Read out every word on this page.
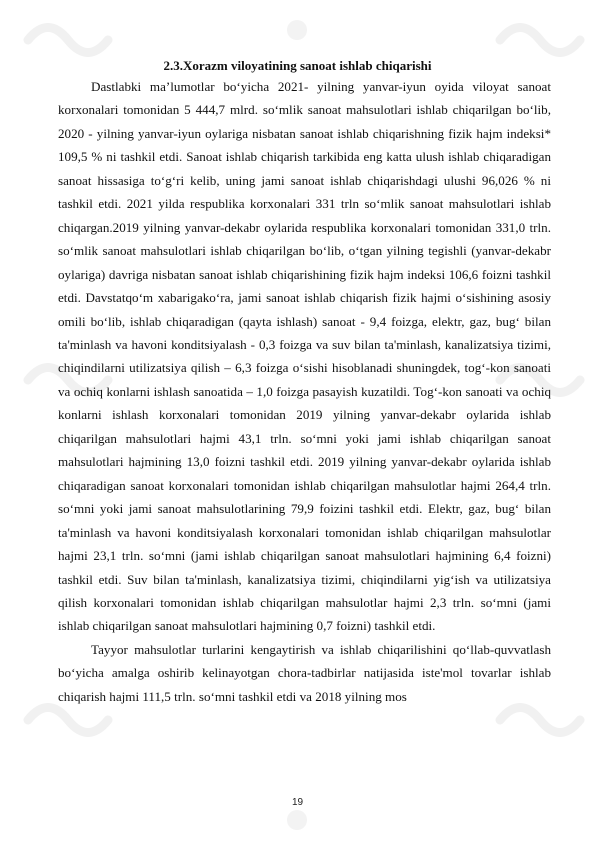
2.3.Xorazm viloyatining sanoat ishlab chiqarishi

Dastlabki ma’lumotlar bo‘yicha 2021- yilning yanvar-iyun oyida viloyat sanoat korxonalari tomonidan 5 444,7 mlrd. so‘mlik sanoat mahsulotlari ishlab chiqarilgan bo‘lib, 2020 - yilning yanvar-iyun oylariga nisbatan sanoat ishlab chiqarishning fizik hajm indeksi* 109,5 % ni tashkil etdi. Sanoat ishlab chiqarish tarkibida eng katta ulush ishlab chiqaradigan sanoat hissasiga to‘g‘ri kelib, uning jami sanoat ishlab chiqarishdagi ulushi 96,026 % ni tashkil etdi. 2021 yilda respublika korxonalari 331 trln so‘mlik sanoat mahsulotlari ishlab chiqargan.2019 yilning yanvar-dekabr oylarida respublika korxonalari tomonidan 331,0 trln. so‘mlik sanoat mahsulotlari ishlab chiqarilgan bo‘lib, o‘tgan yilning tegishli (yanvar-dekabr oylariga) davriga nisbatan sanoat ishlab chiqarishining fizik hajm indeksi 106,6 foizni tashkil etdi. Davstatqo‘m xabarigako‘ra, jami sanoat ishlab chiqarish fizik hajmi o‘sishining asosiy omili bo‘lib, ishlab chiqaradigan (qayta ishlash) sanoat - 9,4 foizga, elektr, gaz, bug‘ bilan ta'minlash va havoni konditsiyalash - 0,3 foizga va suv bilan ta'minlash, kanalizatsiya tizimi, chiqindilarni utilizatsiya qilish – 6,3 foizga o‘sishi hisoblanadi shuningdek, tog‘-kon sanoati va ochiq konlarni ishlash sanoatida – 1,0 foizga pasayish kuzatildi. Tog‘-kon sanoati va ochiq konlarni ishlash korxonalari tomonidan 2019 yilning yanvar-dekabr oylarida ishlab chiqarilgan mahsulotlari hajmi 43,1 trln. so‘mni yoki jami ishlab chiqarilgan sanoat mahsulotlari hajmining 13,0 foizni tashkil etdi. 2019 yilning yanvar-dekabr oylarida ishlab chiqaradigan sanoat korxonalari tomonidan ishlab chiqarilgan mahsulotlar hajmi 264,4 trln. so‘mni yoki jami sanoat mahsulotlarining 79,9 foizini tashkil etdi. Elektr, gaz, bug‘ bilan ta'minlash va havoni konditsiyalash korxonalari tomonidan ishlab chiqarilgan mahsulotlar hajmi 23,1 trln. so‘mni (jami ishlab chiqarilgan sanoat mahsulotlari hajmining 6,4 foizni) tashkil etdi. Suv bilan ta'minlash, kanalizatsiya tizimi, chiqindilarni yig‘ish va utilizatsiya qilish korxonalari tomonidan ishlab chiqarilgan mahsulotlar hajmi 2,3 trln. so‘mni (jami ishlab chiqarilgan sanoat mahsulotlari hajmining 0,7 foizni) tashkil etdi.

Tayyor mahsulotlar turlarini kengaytirish va ishlab chiqarilishini qo‘llab-quvvatlash bo‘yicha amalga oshirib kelinayotgan chora-tadbirlar natijasida iste'mol tovarlar ishlab chiqarish hajmi 111,5 trln. so‘mni tashkil etdi va 2018 yilning mos

19
